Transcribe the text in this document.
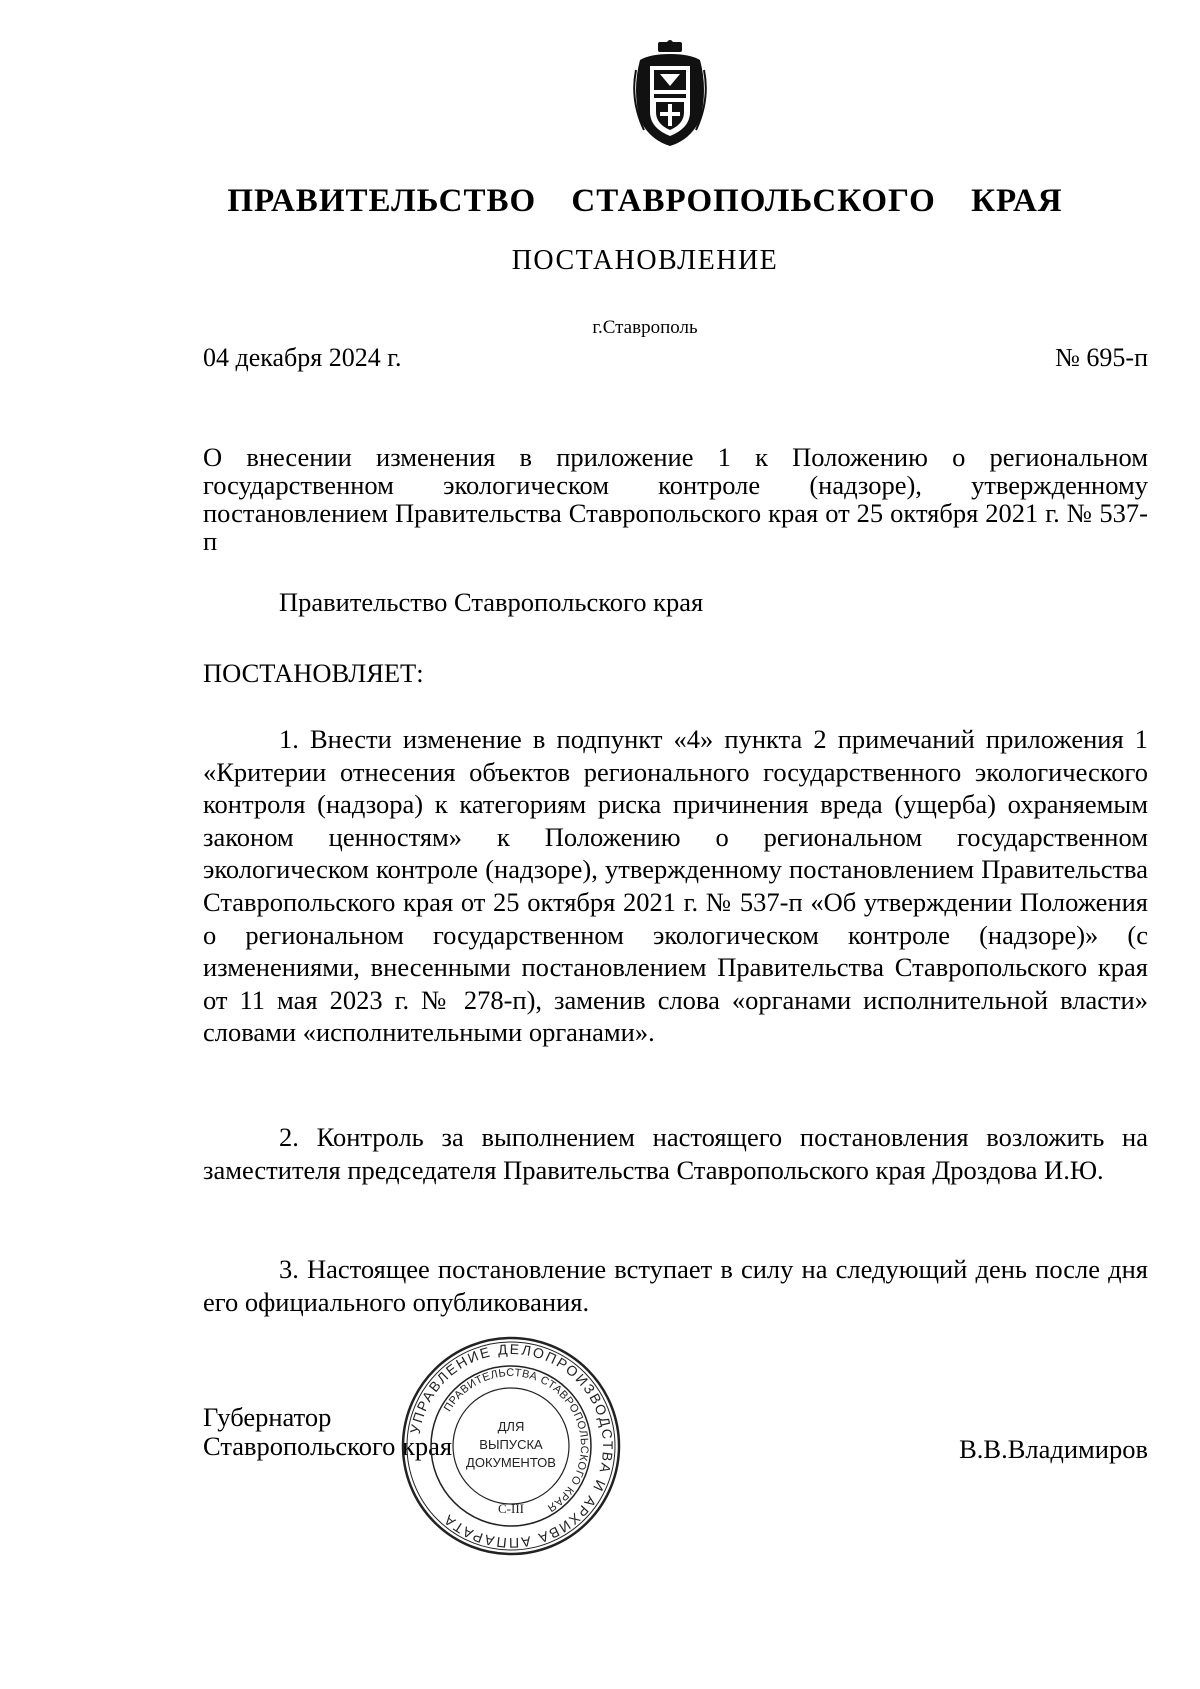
ПРАВИТЕЛЬСТВО СТАВРОПОЛЬСКОГО КРАЯ
ПОСТАНОВЛЕНИЕ
г.Ставрополь
04 декабря 2024 г.	№ 695-п
О внесении изменения в приложение 1 к Положению о региональном государственном экологическом контроле (надзоре), утвержденному постановлением Правительства Ставропольского края от 25 октября 2021 г. № 537-п
Правительство Ставропольского края
ПОСТАНОВЛЯЕТ:
1. Внести изменение в подпункт «4» пункта 2 примечаний приложения 1 «Критерии отнесения объектов регионального государственного экологического контроля (надзора) к категориям риска причинения вреда (ущерба) охраняемым законом ценностям» к Положению о региональном государственном экологическом контроле (надзоре), утвержденному постановлением Правительства Ставропольского края от 25 октября 2021 г. № 537-п «Об утверждении Положения о региональном государственном экологическом контроле (надзоре)» (с изменениями, внесенными постановлением Правительства Ставропольского края от 11 мая 2023 г. № 278-п), заменив слова «органами исполнительной власти» словами «исполнительными органами».
2. Контроль за выполнением настоящего постановления возложить на заместителя председателя Правительства Ставропольского края Дроздова И.Ю.
3. Настоящее постановление вступает в силу на следующий день после дня его официального опубликования.
Губернатор
Ставропольского края	В.В.Владимиров
УПРАВЛЕНИЕ ДЕЛОПРОИЗВОДСТВА И АРХИВА АППАРАТА
ПРАВИТЕЛЬСТВА СТАВРОПОЛЬСКОГО КРАЯ
ДЛЯ
ВЫПУСКА
ДОКУМЕНТОВ
С-III
